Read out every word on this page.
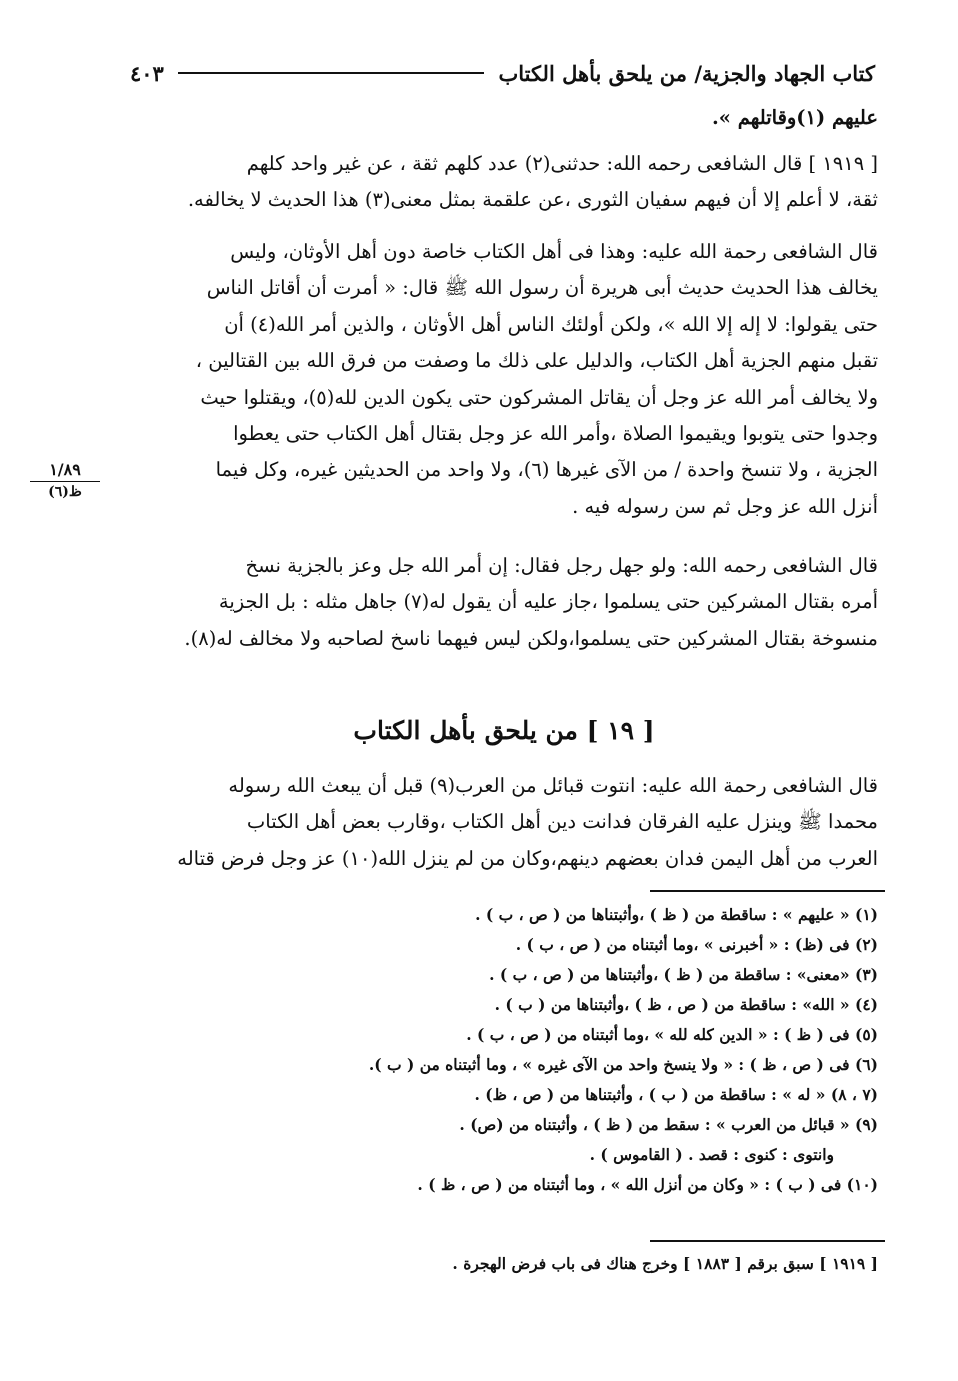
كتاب الجهاد والجزية/ من يلحق بأهل الكتاب
٤٠٣
عليهم (١)وقاتلهم ».
[ ١٩١٩ ] قال الشافعى رحمه الله: حدثنى(٢) عدد كلهم ثقة ، عن غير واحد كلهم
ثقة، لا أعلم إلا أن فيهم سفيان الثورى ،عن علقمة بمثل معنى(٣) هذا الحديث لا يخالفه.

قال الشافعى رحمة الله عليه: وهذا فى أهل الكتاب خاصة دون أهل الأوثان، وليس

يخالف هذا الحديث حديث أبى هريرة أن رسول الله ﷺ قال: « أمرت أن أقاتل الناس

حتى يقولوا: لا إله إلا الله »، ولكن أولئك الناس أهل الأوثان ، والذين أمر الله(٤) أن

تقبل منهم الجزية أهل الكتاب، والدليل على ذلك ما وصفت من فرق الله بين القتالين ،

ولا يخالف أمر الله عز وجل أن يقاتل المشركون حتى يكون الدين لله(٥)، ويقتلوا حيث

وجدوا حتى يتوبوا ويقيموا الصلاة ،وأمر الله عز وجل بقتال أهل الكتاب حتى يعطوا

الجزية ، ولا تنسخ واحدة / من الآى غيرها (٦)، ولا واحد من الحديثين غيره، وكل فيما

أنزل الله عز وجل ثم سن رسوله فيه .

١/٨٩
ظ(٦)

قال الشافعى رحمه الله: ولو جهل رجل فقال: إن أمر الله جل وعز بالجزية نسخ

أمره بقتال المشركين حتى يسلموا ،جاز عليه أن يقول له(٧) جاهل مثله : بل الجزية

منسوخة بقتال المشركين حتى يسلموا،ولكن ليس فيهما ناسخ لصاحبه ولا مخالف له(٨).

[ ١٩ ] من يلحق بأهل الكتاب

قال الشافعى رحمة الله عليه: انتوت قبائل من العرب(٩) قبل أن يبعث الله رسوله

محمدا ﷺ وينزل عليه الفرقان فدانت دين أهل الكتاب ،وقارب بعض أهل الكتاب

العرب من أهل اليمن فدان بعضهم دينهم،وكان من لم ينزل الله(١٠) عز وجل فرض قتاله

(١) « عليهم » : ساقطة من ( ظ ) ،وأثبتناها من ( ص ، ب ) .
(٢) فى (ظ) : « أخبرنى » ،وما أثبتناه من ( ص ، ب ) .
(٣) «معنى» : ساقطة من ( ظ ) ،وأثبتناها من ( ص ، ب ) .
(٤) « الله» : ساقطة من ( ص ، ظ ) ،وأثبتناها من ( ب ) .
(٥) فى ( ظ ) : « الدين كله لله » ،وما أثبتناه من ( ص ، ب ) .
(٦) فى ( ص ، ظ ) : « ولا ينسخ واحد من الآى غيره » ، وما أثبتناه من ( ب ).
(٧ ، ٨) « له » : ساقطة من ( ب ) ، وأثبتناها من ( ص ، ظ) .
(٩) « قبائل من العرب » : سقط من ( ظ ) ، وأثبتناه من (ص) .
وانتوى : كنوى : قصد . ( القاموس ) .
(١٠) فى ( ب ) : « وكان من أنزل الله » ، وما أثبتناه من ( ص ، ظ ) .
[ ١٩١٩ ] سبق برقم [ ١٨٨٣ ] وخرج هناك فى باب فرض الهجرة .
